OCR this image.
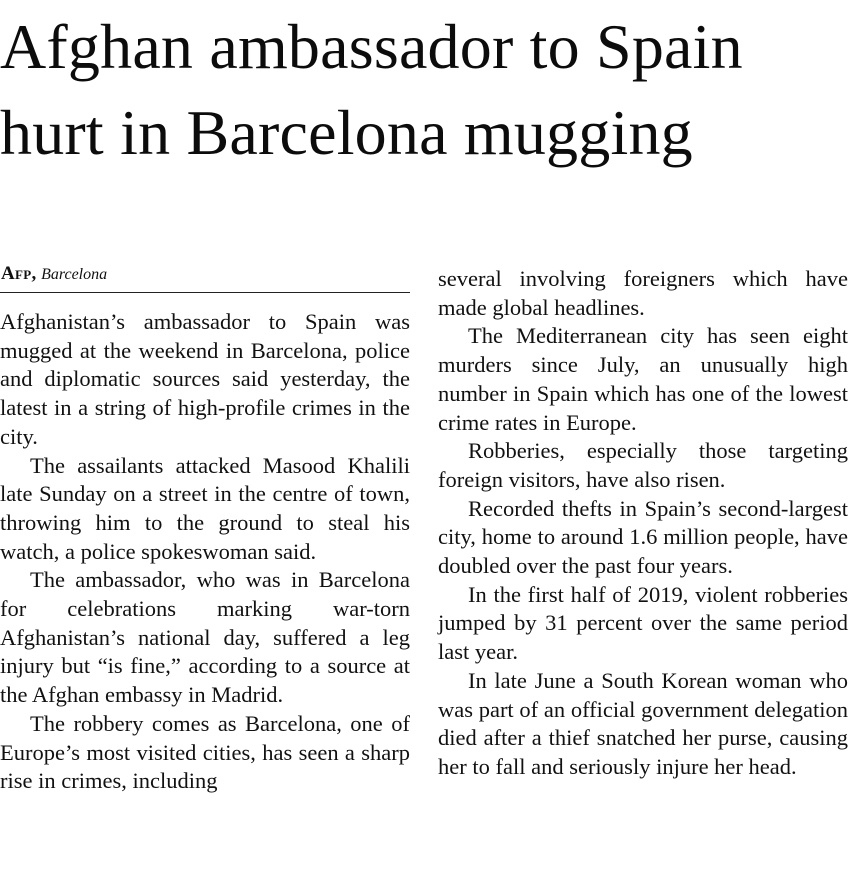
Afghan ambassador to Spain hurt in Barcelona mugging
Afp, Barcelona

Afghanistan’s ambassador to Spain was mugged at the weekend in Barcelona, police and diplomatic sources said yesterday, the latest in a string of high-profile crimes in the city.

The assailants attacked Masood Khalili late Sunday on a street in the centre of town, throwing him to the ground to steal his watch, a police spokeswoman said.

The ambassador, who was in Barcelona for celebrations marking war-torn Afghanistan’s national day, suffered a leg injury but “is fine,” according to a source at the Afghan embassy in Madrid.

The robbery comes as Barcelona, one of Europe’s most visited cities, has seen a sharp rise in crimes, including

several involving foreigners which have made global headlines.

The Mediterranean city has seen eight murders since July, an unusually high number in Spain which has one of the lowest crime rates in Europe.

Robberies, especially those targeting foreign visitors, have also risen.

Recorded thefts in Spain’s second-largest city, home to around 1.6 million people, have doubled over the past four years.

In the first half of 2019, violent robberies jumped by 31 percent over the same period last year.

In late June a South Korean woman who was part of an official government delegation died after a thief snatched her purse, causing her to fall and seriously injure her head.
